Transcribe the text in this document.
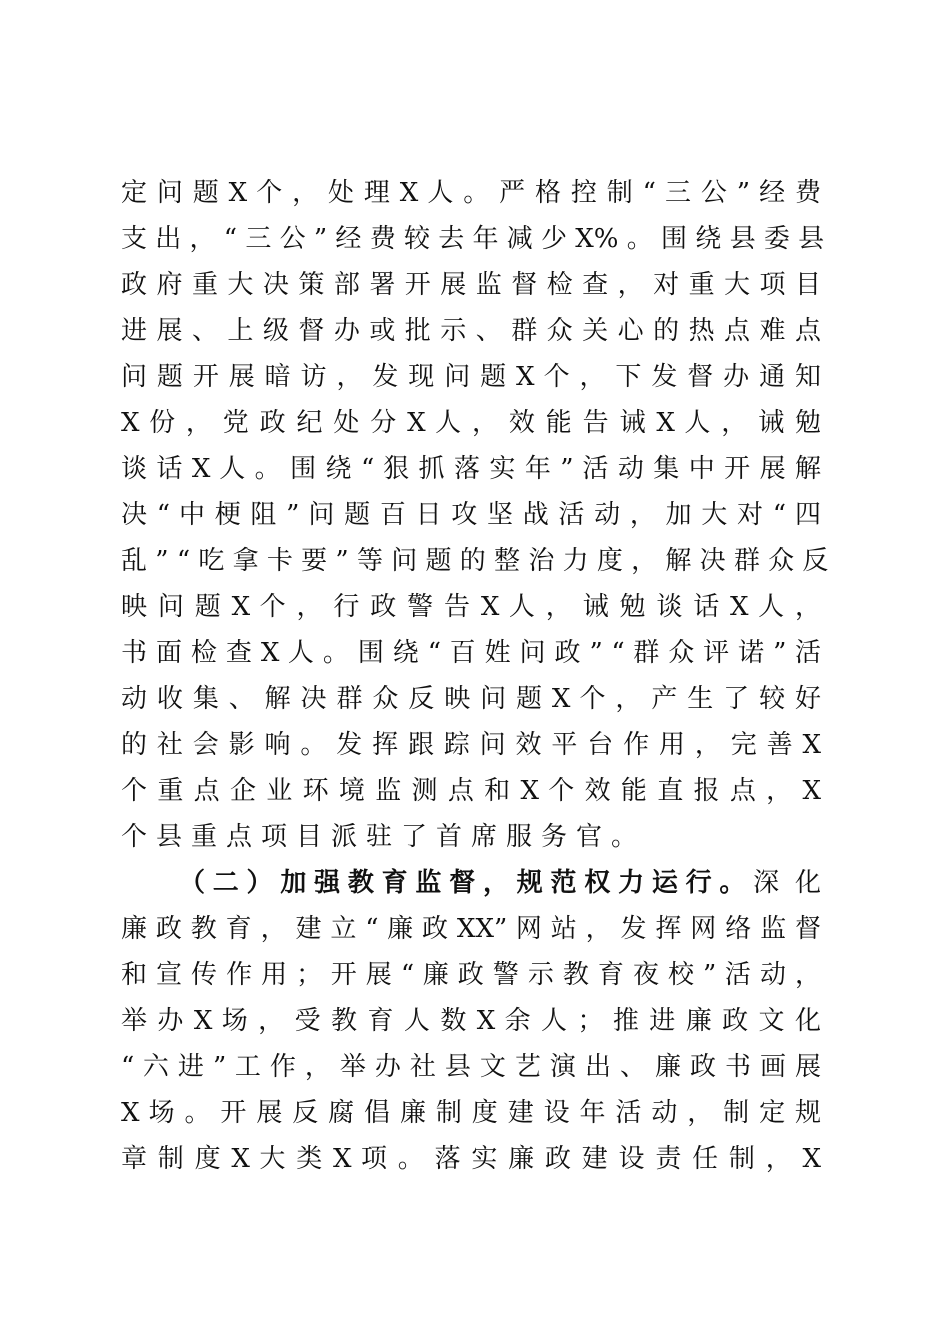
定 问 题 X 个 ， 处 理 X 人 。 严 格 控 制 “ 三 公 ” 经 费
支 出 ， “ 三 公 ” 经 费 较 去 年 减 少 X% 。 围 绕 县 委 县
政 府 重 大 决 策 部 署 开 展 监 督 检 查 ， 对 重 大 项 目
进 展 、 上 级 督 办 或 批 示 、 群 众 关 心 的 热 点 难 点
问 题 开 展 暗 访 ， 发 现 问 题 X 个 ， 下 发 督 办 通 知
X 份 ， 党 政 纪 处 分 X 人 ， 效 能 告 诫 X 人 ， 诫 勉
谈 话 X 人 。 围 绕 “ 狠 抓 落 实 年 ” 活 动 集 中 开 展 解
决 “ 中 梗 阻 ” 问 题 百 日 攻 坚 战 活 动 ， 加 大 对 “ 四
乱 ” “ 吃 拿 卡 要 ” 等 问 题 的 整 治 力 度 ， 解 决 群 众 反
映 问 题 X 个 ， 行 政 警 告 X 人 ， 诫 勉 谈 话 X 人 ，
书 面 检 查 X 人 。 围 绕 “ 百 姓 问 政 ” “ 群 众 评 诺 ” 活
动 收 集 、 解 决 群 众 反 映 问 题 X 个 ， 产 生 了 较 好
的 社 会 影 响 。 发 挥 跟 踪 问 效 平 台 作 用 ， 完 善 X
个 重 点 企 业 环 境 监 测 点 和 X 个 效 能 直 报 点 ， X
个县重点项目派驻了首席服务官。
（二）加强教育监督，规范权力运行。深 化
廉 政 教 育 ， 建 立 “ 廉 政 XX” 网 站 ， 发 挥 网 络 监 督
和 宣 传 作 用 ； 开 展 “ 廉 政 警 示 教 育 夜 校 ” 活 动 ，
举 办 X 场 ， 受 教 育 人 数 X 余 人 ； 推 进 廉 政 文 化
“ 六 进 ” 工 作 ， 举 办 社 县 文 艺 演 出 、 廉 政 书 画 展
X 场 。 开 展 反 腐 倡 廉 制 度 建 设 年 活 动 ， 制 定 规
章 制 度 X 大 类 X 项 。 落 实 廉 政 建 设 责 任 制 ， X
